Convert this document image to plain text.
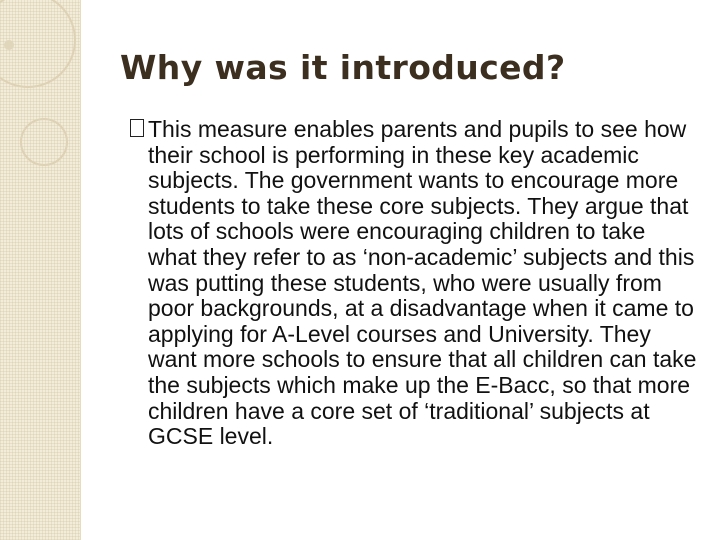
Why was it introduced?

This measure enables parents and pupils to see how their school is performing in these key academic subjects. The government wants to encourage more students to take these core subjects. They argue that lots of schools were encouraging children to take what they refer to as ‘non-academic’ subjects and this was putting these students, who were usually from poor backgrounds, at a disadvantage when it came to applying for A-Level courses and University. They want more schools to ensure that all children can take the subjects which make up the E-Bacc, so that more children have a core set of ‘traditional’ subjects at GCSE level.
